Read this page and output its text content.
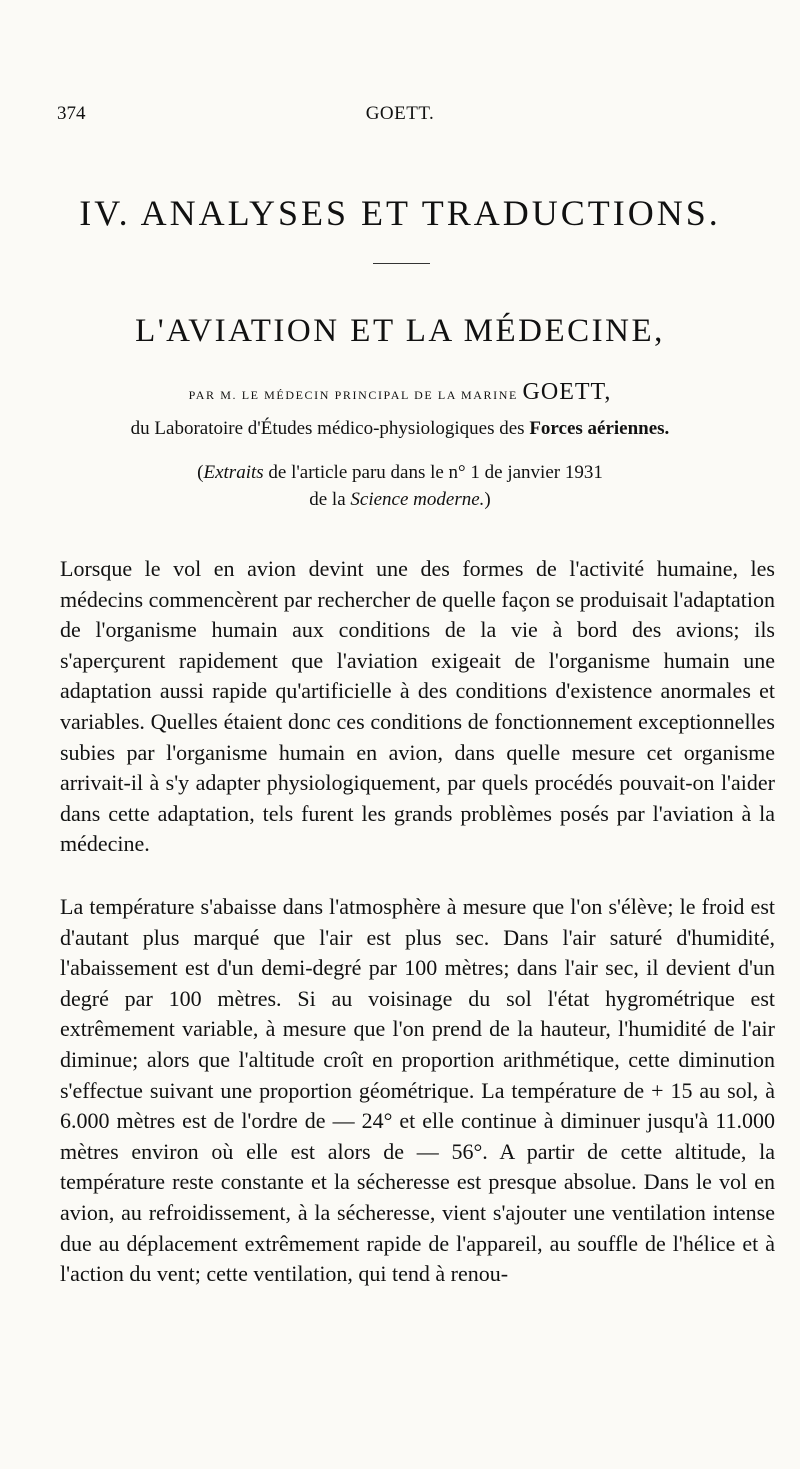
374	GOETT.
IV. ANALYSES ET TRADUCTIONS.
L'AVIATION ET LA MÉDECINE,
PAR M. LE MÉDECIN PRINCIPAL DE LA MARINE GOETT,
du Laboratoire d'Études médico-physiologiques des Forces aériennes.
(Extraits de l'article paru dans le n° 1 de janvier 1931
de la Science moderne.)

Lorsque le vol en avion devint une des formes de l'activité humaine, les médecins commencèrent par rechercher de quelle façon se produisait l'adaptation de l'organisme humain aux conditions de la vie à bord des avions; ils s'aperçurent rapidement que l'aviation exigeait de l'organisme humain une adaptation aussi rapide qu'artificielle à des conditions d'existence anormales et variables. Quelles étaient donc ces conditions de fonctionnement exceptionnelles subies par l'organisme humain en avion, dans quelle mesure cet organisme arrivait-il à s'y adapter physiologiquement, par quels procédés pouvait-on l'aider dans cette adaptation, tels furent les grands problèmes posés par l'aviation à la médecine.

La température s'abaisse dans l'atmosphère à mesure que l'on s'élève; le froid est d'autant plus marqué que l'air est plus sec. Dans l'air saturé d'humidité, l'abaissement est d'un demi-degré par 100 mètres; dans l'air sec, il devient d'un degré par 100 mètres. Si au voisinage du sol l'état hygrométrique est extrêmement variable, à mesure que l'on prend de la hauteur, l'humidité de l'air diminue; alors que l'altitude croît en proportion arithmétique, cette diminution s'effectue suivant une proportion géométrique. La température de + 15 au sol, à 6.000 mètres est de l'ordre de — 24° et elle continue à diminuer jusqu'à 11.000 mètres environ où elle est alors de — 56°. A partir de cette altitude, la température reste constante et la sécheresse est presque absolue. Dans le vol en avion, au refroidissement, à la sécheresse, vient s'ajouter une ventilation intense due au déplacement extrêmement rapide de l'appareil, au souffle de l'hélice et à l'action du vent; cette ventilation, qui tend à renou-
